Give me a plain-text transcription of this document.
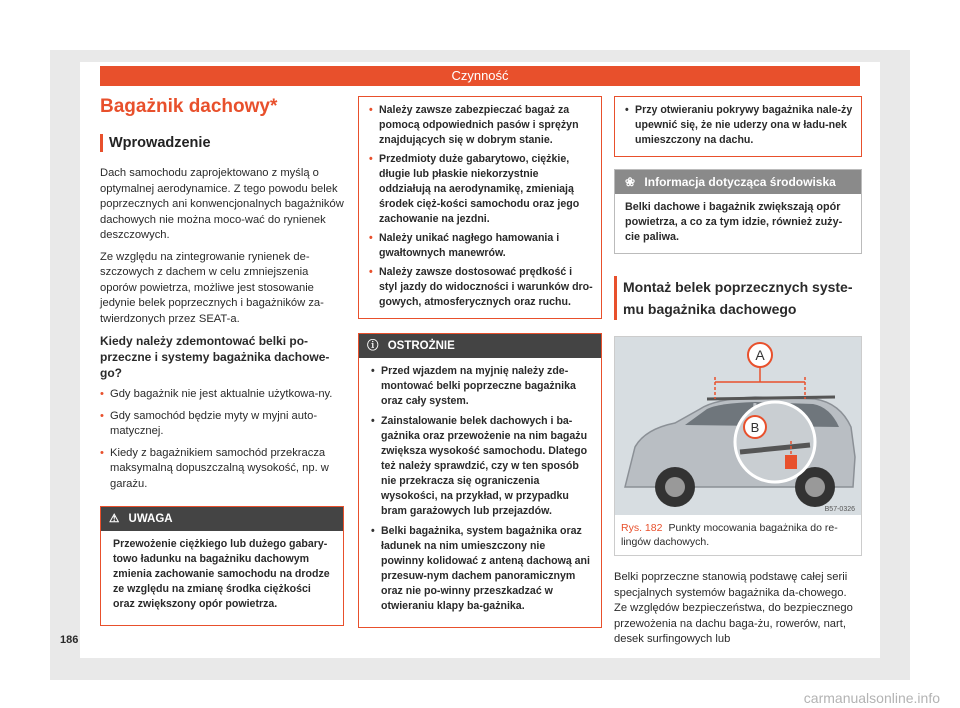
Czynność
Bagażnik dachowy*
Wprowadzenie

Dach samochodu zaprojektowano z myślą o optymalnej aerodynamice. Z tego powodu belek poprzecznych ani konwencjonalnych bagażników dachowych nie można moco-wać do rynienek deszczowych.

Ze względu na zintegrowanie rynienek de-szczowych z dachem w celu zmniejszenia oporów powietrza, możliwe jest stosowanie jedynie belek poprzecznych i bagażników za-twierdzonych przez SEAT-a.

Kiedy należy zdemontować belki po-przeczne i systemy bagażnika dachowe-go?

• Gdy bagażnik nie jest aktualnie użytkowa-ny.

• Gdy samochód będzie myty w myjni auto-matycznej.

• Kiedy z bagażnikiem samochód przekracza maksymalną dopuszczalną wysokość, np. w garażu.

⚠ UWAGA

Przewożenie ciężkiego lub dużego gabary-towo ładunku na bagażniku dachowym zmienia zachowanie samochodu na drodze ze względu na zmianę środka ciężkości oraz zwiększony opór powietrza.

• Należy zawsze zabezpieczać bagaż za pomocą odpowiednich pasów i sprężyn znajdujących się w dobrym stanie.

• Przedmioty duże gabarytowo, ciężkie, długie lub płaskie niekorzystnie oddziałują na aerodynamikę, zmieniają środek cięż-kości samochodu oraz jego zachowanie na jezdni.

• Należy unikać nagłego hamowania i gwałtownych manewrów.

• Należy zawsze dostosować prędkość i styl jazdy do widoczności i warunków dro-gowych, atmosferycznych oraz ruchu.

ⓘ OSTROŻNIE

• Przed wjazdem na myjnię należy zde-montować belki poprzeczne bagażnika oraz cały system.

• Zainstalowanie belek dachowych i ba-gażnika oraz przewożenie na nim bagażu zwiększa wysokość samochodu. Dlatego też należy sprawdzić, czy w ten sposób nie przekracza się ograniczenia wysokości, na przykład, w przypadku bram garażowych lub przejazdów.

• Belki bagażnika, system bagażnika oraz ładunek na nim umieszczony nie powinny kolidować z anteną dachową ani przesuw-nym dachem panoramicznym oraz nie po-winny przeszkadzać w otwieraniu klapy ba-gażnika.

• Przy otwieraniu pokrywy bagażnika nale-ży upewnić się, że nie uderzy ona w ładu-nek umieszczony na dachu.

❀ Informacja dotycząca środowiska

Belki dachowe i bagażnik zwiększają opór powietrza, a co za tym idzie, również zuży-cie paliwa.

Montaż belek poprzecznych syste-mu bagażnika dachowego
A
B
B57-0326
Rys. 182 Punkty mocowania bagażnika do re-lingów dachowych.

Belki poprzeczne stanowią podstawę całej serii specjalnych systemów bagażnika da-chowego. Ze względów bezpieczeństwa, do bezpiecznego przewożenia na dachu baga-żu, rowerów, nart, desek surfingowych lub

186
carmanualsonline.info
